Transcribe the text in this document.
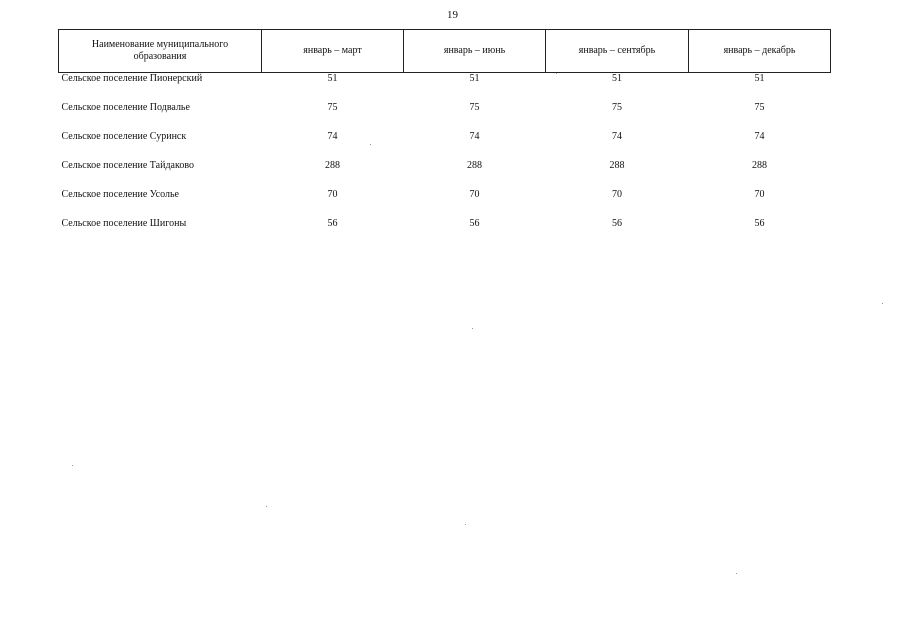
19
Наименование муниципального образования	январь – март	январь – июнь	январь – сентябрь	январь – декабрь
Сельское поселение Пионерский	51	51	51	51
Сельское поселение Подвалье	75	75	75	75
Сельское поселение Суринск	74	74	74	74
Сельское поселение Тайдаково	288	288	288	288
Сельское поселение Усолье	70	70	70	70
Сельское поселение Шигоны	56	56	56	56
